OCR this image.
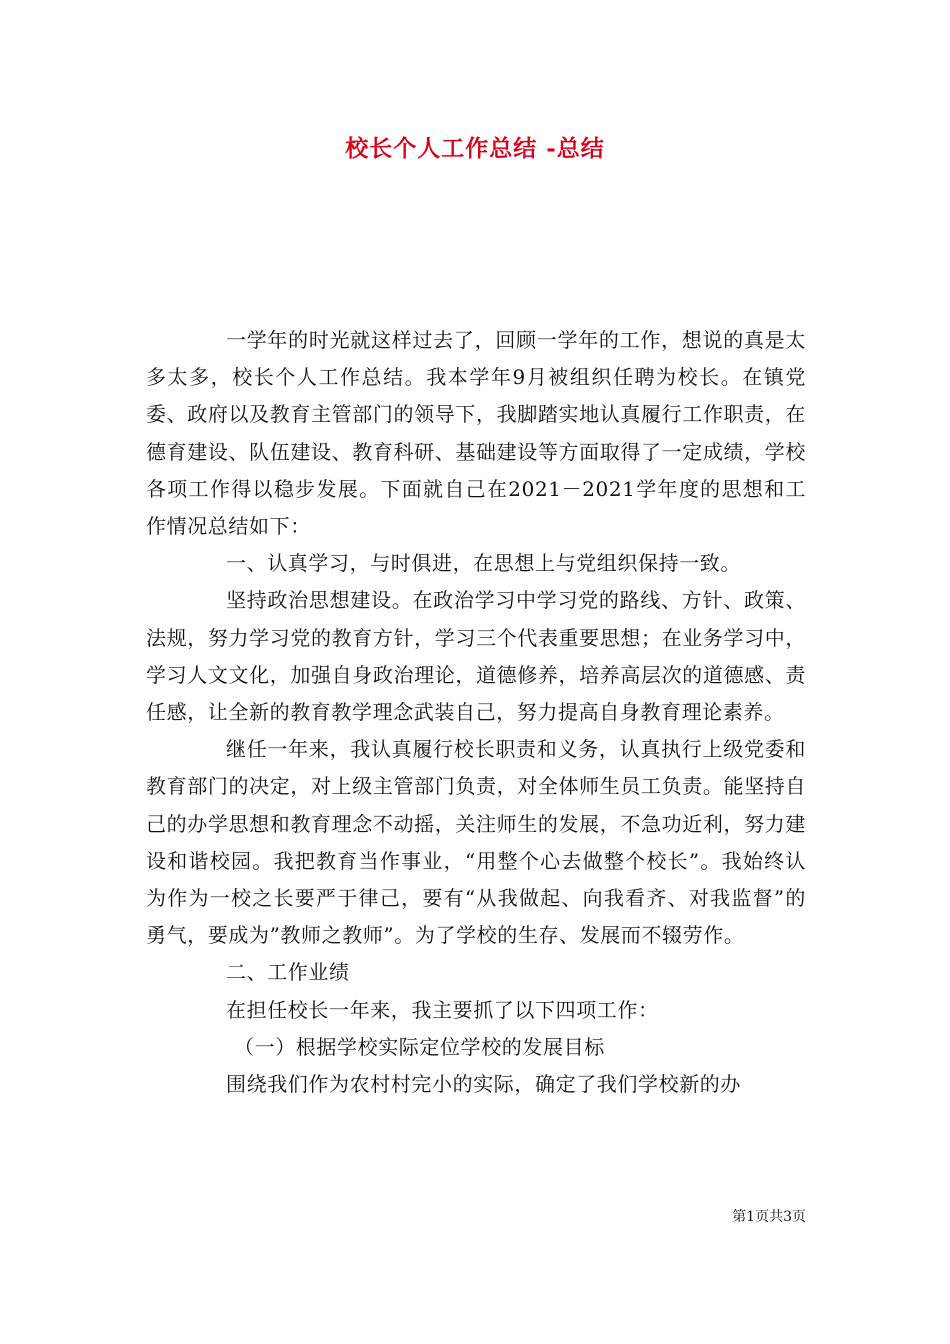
校长个人工作总结 -总结

一学年的时光就这样过去了，回顾一学年的工作，想说的真是太多太多，校长个人工作总结。我本学年9月被组织任聘为校长。在镇党委、政府以及教育主管部门的领导下，我脚踏实地认真履行工作职责，在德育建设、队伍建设、教育科研、基础建设等方面取得了一定成绩，学校各项工作得以稳步发展。下面就自己在2021－2021学年度的思想和工作情况总结如下：

一、认真学习，与时俱进，在思想上与党组织保持一致。

坚持政治思想建设。在政治学习中学习党的路线、方针、政策、法规，努力学习党的教育方针，学习三个代表重要思想；在业务学习中，学习人文文化，加强自身政治理论，道德修养，培养高层次的道德感、责任感，让全新的教育教学理念武装自己，努力提高自身教育理论素养。

继任一年来，我认真履行校长职责和义务，认真执行上级党委和教育部门的决定，对上级主管部门负责，对全体师生员工负责。能坚持自己的办学思想和教育理念不动摇，关注师生的发展，不急功近利，努力建设和谐校园。我把教育当作事业，“用整个心去做整个校长”。我始终认为作为一校之长要严于律己，要有“从我做起、向我看齐、对我监督”的勇气，要成为”教师之教师”。为了学校的生存、发展而不辍劳作。

二、工作业绩

在担任校长一年来，我主要抓了以下四项工作：

（一）根据学校实际定位学校的发展目标

围绕我们作为农村村完小的实际，确定了我们学校新的办

第1页共3页
